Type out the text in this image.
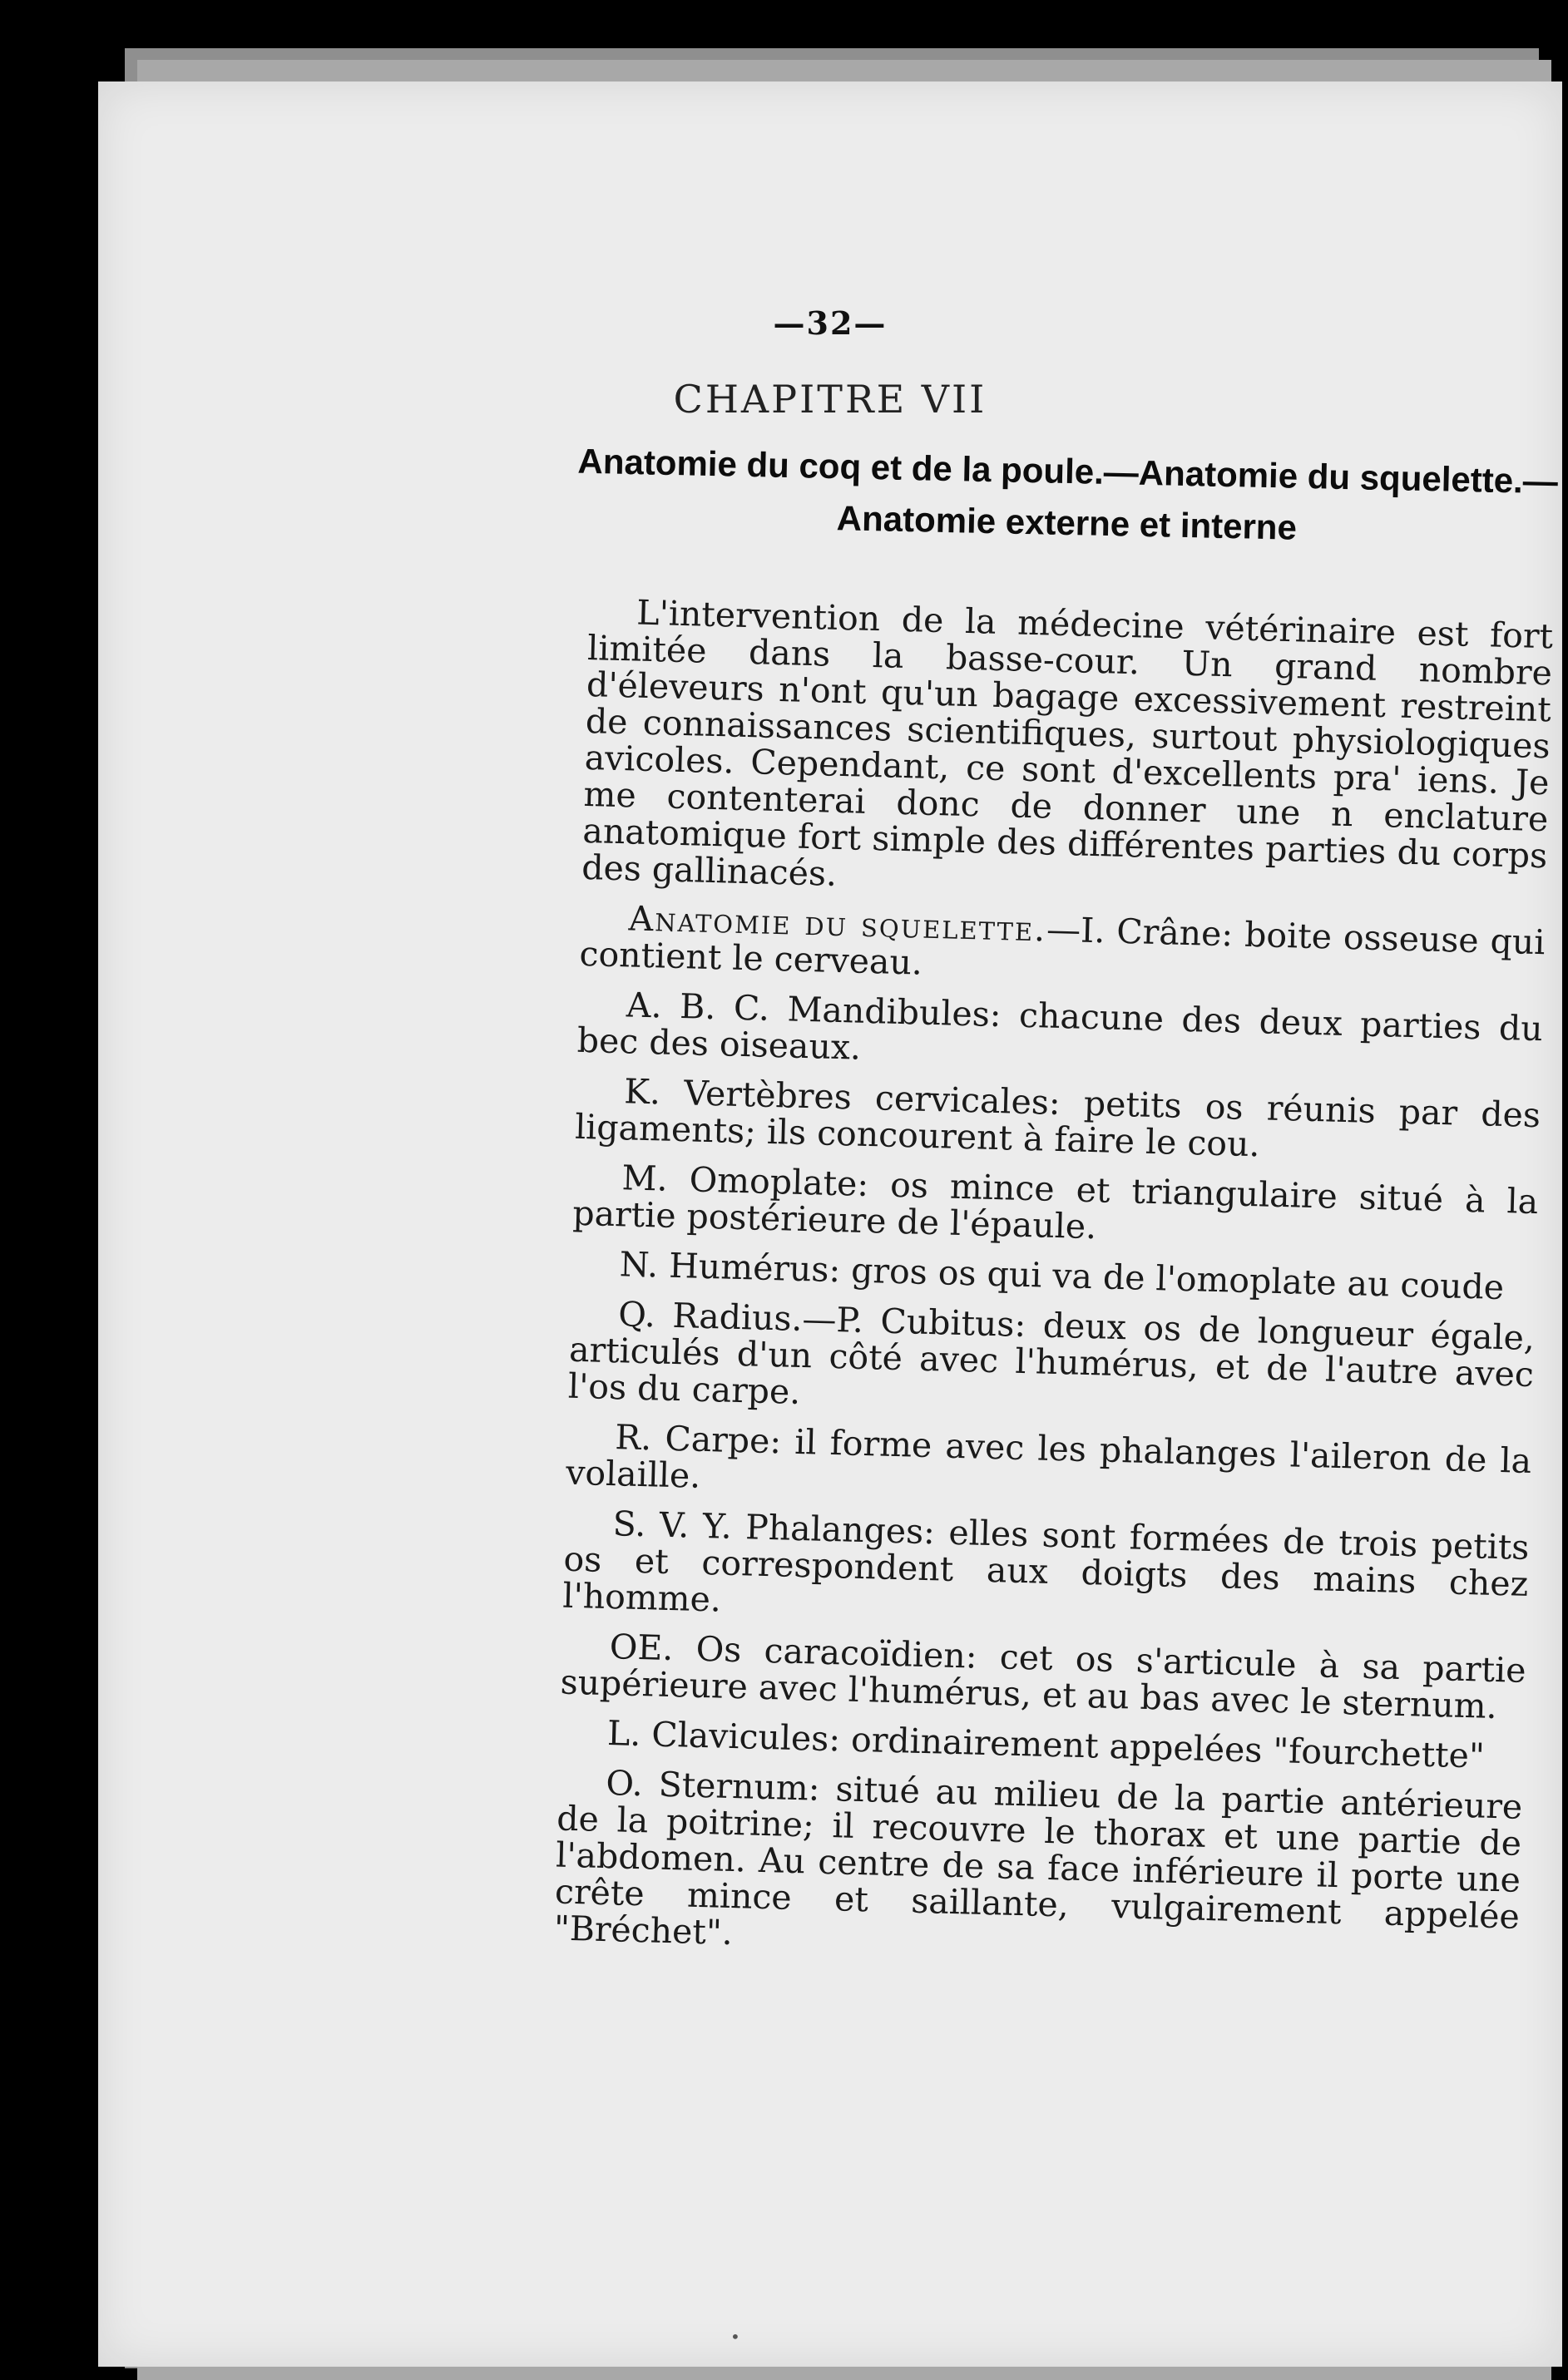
—32—
CHAPITRE VII
Anatomie du coq et de la poule.—Anatomie du squelette.—
Anatomie externe et interne

L'intervention de la médecine vétérinaire est fort limitée dans la basse-cour. Un grand nombre d'éleveurs n'ont qu'un bagage excessivement restreint de connaissances scientifiques, surtout physiologiques avicoles. Cependant, ce sont d'excellents pra' iens. Je me contenterai donc de donner une n enclature anatomique fort simple des différentes parties du corps des gallinacés.

Anatomie du squelette.—I. Crâne: boite osseuse qui contient le cerveau.

A. B. C. Mandibules: chacune des deux parties du bec des oiseaux.

K. Vertèbres cervicales: petits os réunis par des ligaments; ils concourent à faire le cou.

M. Omoplate: os mince et triangulaire situé à la partie postérieure de l'épaule.

N. Humérus: gros os qui va de l'omoplate au coude

Q. Radius.—P. Cubitus: deux os de longueur égale, articulés d'un côté avec l'humérus, et de l'autre avec l'os du carpe.

R. Carpe: il forme avec les phalanges l'aileron de la volaille.

S. V. Y. Phalanges: elles sont formées de trois petits os et correspondent aux doigts des mains chez l'homme.

OE. Os caracoïdien: cet os s'articule à sa partie supérieure avec l'humérus, et au bas avec le sternum.

L. Clavicules: ordinairement appelées "fourchette"

O. Sternum: situé au milieu de la partie antérieure de la poitrine; il recouvre le thorax et une partie de l'abdomen. Au centre de sa face inférieure il porte une crête mince et saillante, vulgairement appelée "Bréchet".

•
